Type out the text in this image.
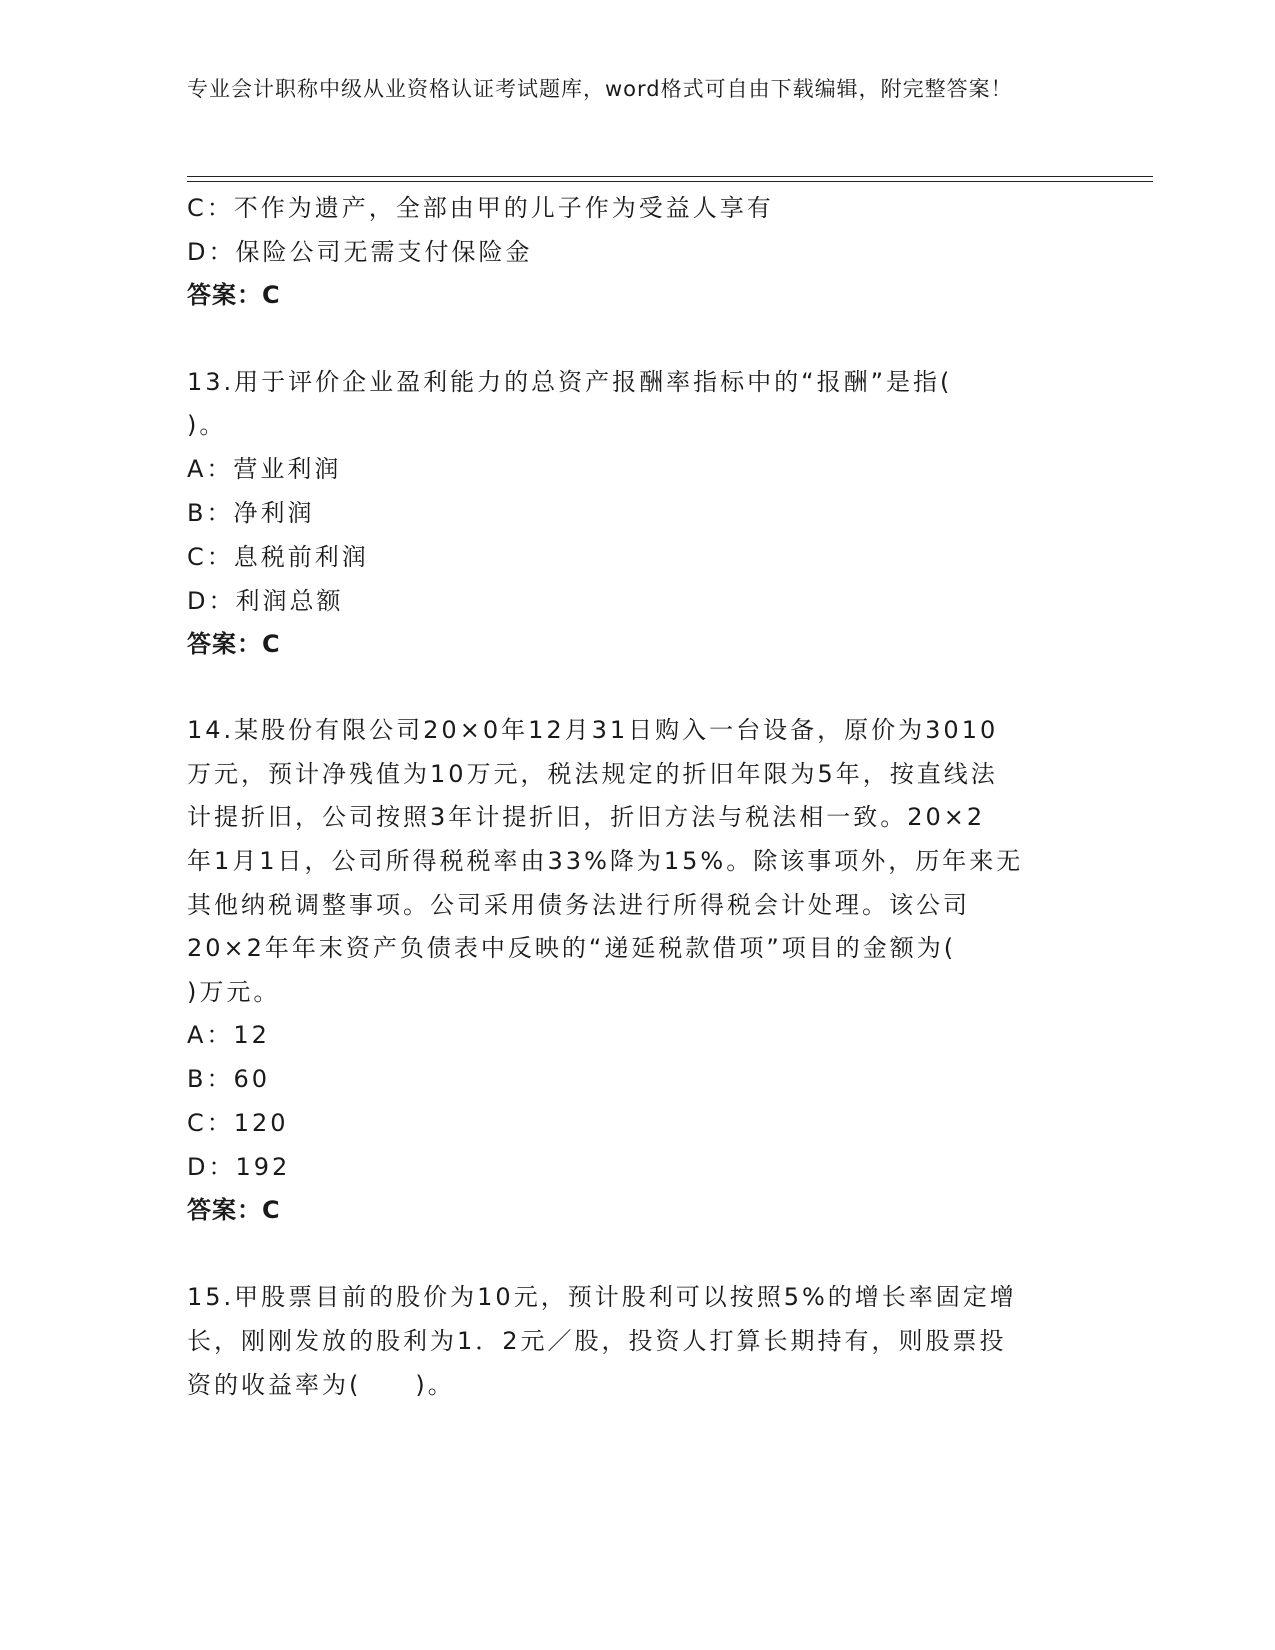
专业会计职称中级从业资格认证考试题库，word格式可自由下载编辑，附完整答案！
C：不作为遗产，全部由甲的儿子作为受益人享有
D：保险公司无需支付保险金
答案：C
13.用于评价企业盈利能力的总资产报酬率指标中的“报酬”是指(
)。
A：营业利润
B：净利润
C：息税前利润
D：利润总额
答案：C
14.某股份有限公司20×0年12月31日购入一台设备，原价为3010
万元，预计净残值为10万元，税法规定的折旧年限为5年，按直线法
计提折旧，公司按照3年计提折旧，折旧方法与税法相一致。20×2
年1月1日，公司所得税税率由33%降为15%。除该事项外，历年来无
其他纳税调整事项。公司采用债务法进行所得税会计处理。该公司
20×2年年末资产负债表中反映的“递延税款借项”项目的金额为(
)万元。
A：12
B：60
C：120
D：192
答案：C
15.甲股票目前的股价为10元，预计股利可以按照5%的增长率固定增
长，刚刚发放的股利为1．2元／股，投资人打算长期持有，则股票投
资的收益率为(　　)。
